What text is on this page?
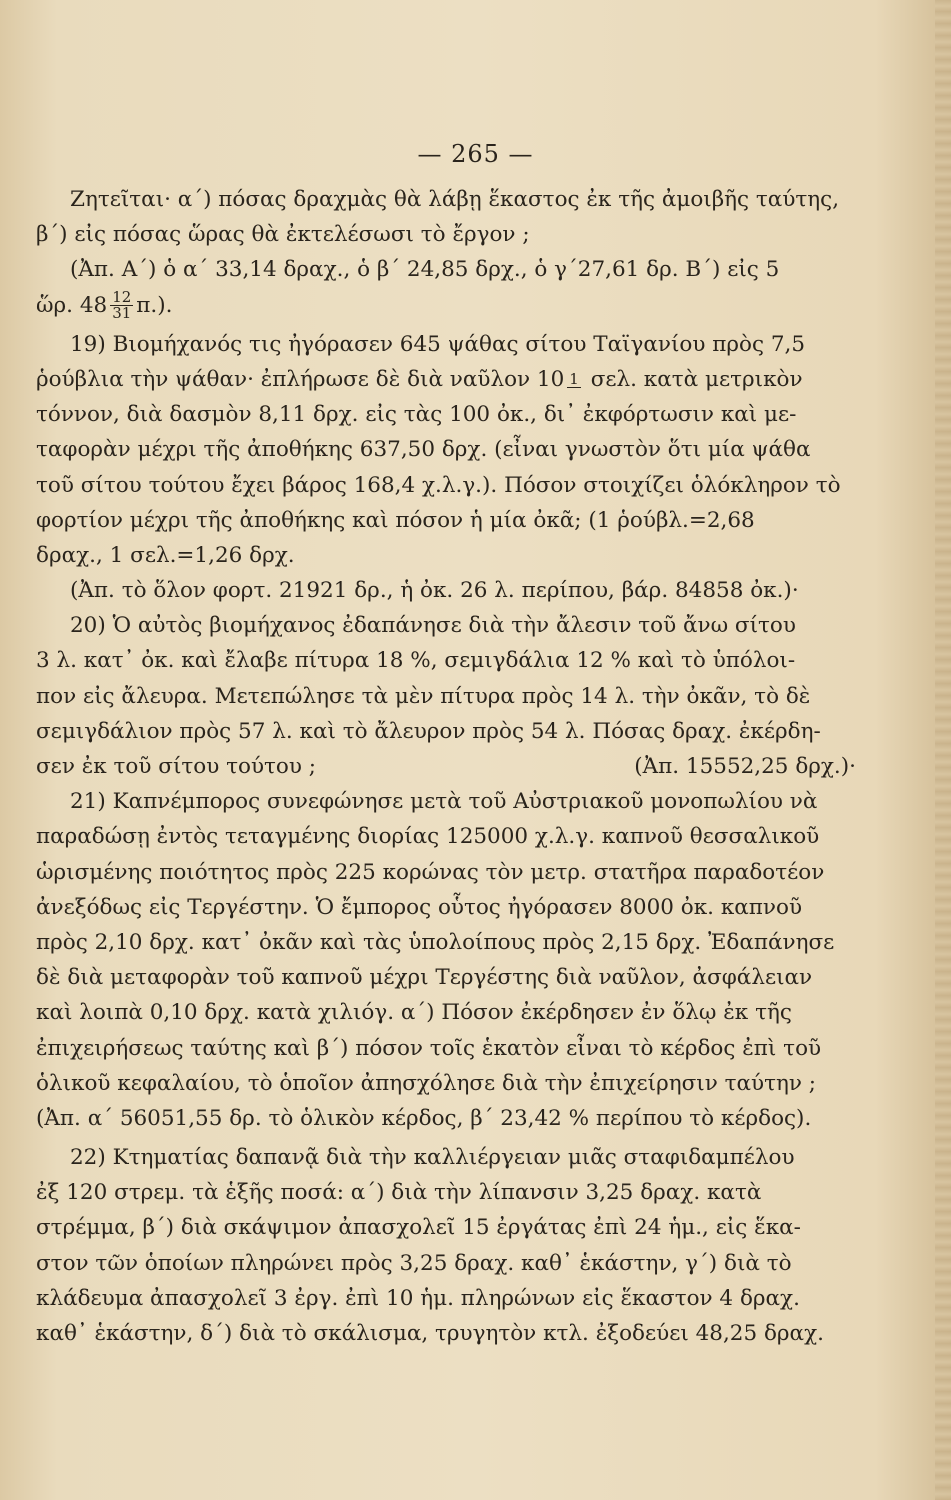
— 265 —
Ζητεῖται· α΄) πόσας δραχμὰς θὰ λάβῃ ἕκαστος ἐκ τῆς ἀμοιβῆς ταύτης,
β΄) εἰς πόσας ὥρας θὰ ἐκτελέσωσι τὸ ἔργον ;
(Ἀπ. Α΄) ὁ α΄ 33,14 δραχ., ὁ β΄ 24,85 δρχ., ὁ γ΄27,61 δρ. Β΄) εἰς 5
ὥρ. $48 \frac{12}{31} \pi$.).
19) Βιομήχανός τις ἠγόρασεν 645 ψάθας σίτου Ταϊγανίου πρὸς 7,5
ῥούβλια τὴν ψάθαν· ἐπλήρωσε δὲ διὰ ναῦλον 10 1 σελ. κατὰ μετρικὸν
τόννον, διὰ δασμὸν 8,11 δρχ. εἰς τὰς 100 ὀκ., δι᾽ ἐκφόρτωσιν καὶ με-
ταφορὰν μέχρι τῆς ἀποθήκης 637,50 δρχ. (εἶναι γνωστὸν ὅτι μία ψάθα
τοῦ σίτου τούτου ἔχει βάρος 168,4 χ.λ.γ.). Πόσον στοιχίζει ὁλόκληρον τὸ
φορτίον μέχρι τῆς ἀποθήκης καὶ πόσον ἡ μία ὀκᾶ; (1 ῥούβλ.=2,68
δραχ., 1 σελ.=1,26 δρχ.
(Ἀπ. τὸ ὅλον φορτ. 21921 δρ., ἡ ὀκ. 26 λ. περίπου, βάρ. 84858 ὀκ.)·
20) Ὁ αὐτὸς βιομήχανος ἐδαπάνησε διὰ τὴν ἄλεσιν τοῦ ἄνω σίτου
3 λ. κατ᾽ ὀκ. καὶ ἔλαβε πίτυρα 18 %, σεμιγδάλια 12 % καὶ τὸ ὑπόλοι-
πον εἰς ἄλευρα. Μετεπώλησε τὰ μὲν πίτυρα πρὸς 14 λ. τὴν ὀκᾶν, τὸ δὲ
σεμιγδάλιον πρὸς 57 λ. καὶ τὸ ἄλευρον πρὸς 54 λ. Πόσας δραχ. ἐκέρδη-
σεν ἐκ τοῦ σίτου τούτου ;	(Ἀπ. 15552,25 δρχ.)·
21) Καπνέμπορος συνεφώνησε μετὰ τοῦ Αὐστριακοῦ μονοπωλίου νὰ
παραδώσῃ ἐντὸς τεταγμένης διορίας 125000 χ.λ.γ. καπνοῦ θεσσαλικοῦ
ὡρισμένης ποιότητος πρὸς 225 κορώνας τὸν μετρ. στατῆρα παραδοτέον
ἀνεξόδως εἰς Τεργέστην. Ὁ ἔμπορος οὗτος ἠγόρασεν 8000 ὀκ. καπνοῦ
πρὸς 2,10 δρχ. κατ᾽ ὀκᾶν καὶ τὰς ὑπολοίπους πρὸς 2,15 δρχ. Ἐδαπάνησε
δὲ διὰ μεταφορὰν τοῦ καπνοῦ μέχρι Τεργέστης διὰ ναῦλον, ἀσφάλειαν
καὶ λοιπὰ 0,10 δρχ. κατὰ χιλιόγ. α΄) Πόσον ἐκέρδησεν ἐν ὅλῳ ἐκ τῆς
ἐπιχειρήσεως ταύτης καὶ β΄) πόσον τοῖς ἑκατὸν εἶναι τὸ κέρδος ἐπὶ τοῦ
ὁλικοῦ κεφαλαίου, τὸ ὁποῖον ἀπησχόλησε διὰ τὴν ἐπιχείρησιν ταύτην ;
(Ἀπ. α΄ 56051,55 δρ. τὸ ὁλικὸν κέρδος, β΄ 23,42 % περίπου τὸ κέρδος).
22) Κτηματίας δαπανᾷ διὰ τὴν καλλιέργειαν μιᾶς σταφιδαμπέλου
ἐξ 120 στρεμ. τὰ ἑξῆς ποσά: α΄) διὰ τὴν λίπανσιν 3,25 δραχ. κατὰ
στρέμμα, β΄) διὰ σκάψιμον ἀπασχολεῖ 15 ἐργάτας ἐπὶ 24 ἡμ., εἰς ἕκα-
στον τῶν ὁποίων πληρώνει πρὸς 3,25 δραχ. καθ᾽ ἑκάστην, γ΄) διὰ τὸ
κλάδευμα ἀπασχολεῖ 3 ἐργ. ἐπὶ 10 ἡμ. πληρώνων εἰς ἕκαστον 4 δραχ.
καθ᾽ ἑκάστην, δ΄) διὰ τὸ σκάλισμα, τρυγητὸν κτλ. ἐξοδεύει 48,25 δραχ.
